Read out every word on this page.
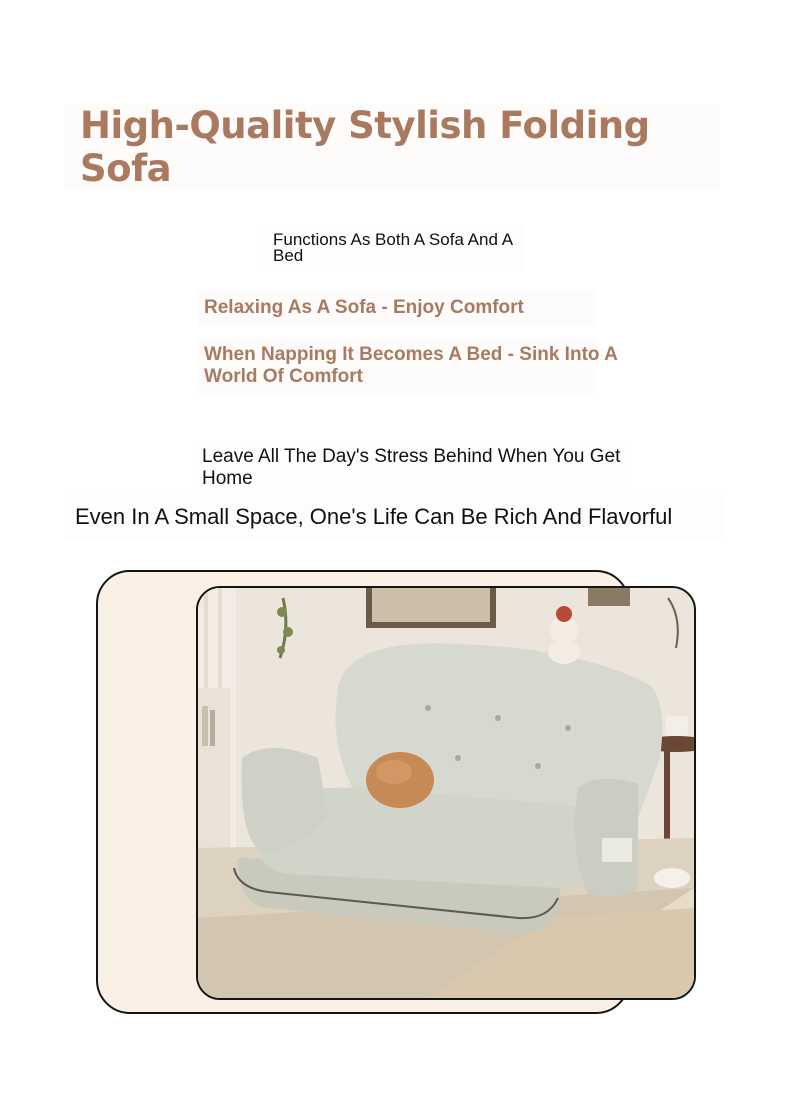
High-Quality Stylish Folding Sofa
Functions As Both A Sofa And A Bed
Relaxing As A Sofa - Enjoy Comfort
When Napping It Becomes A Bed - Sink Into A World Of Comfort
Leave All The Day's Stress Behind When You Get Home
Even In A Small Space, One's Life Can Be Rich And Flavorful
